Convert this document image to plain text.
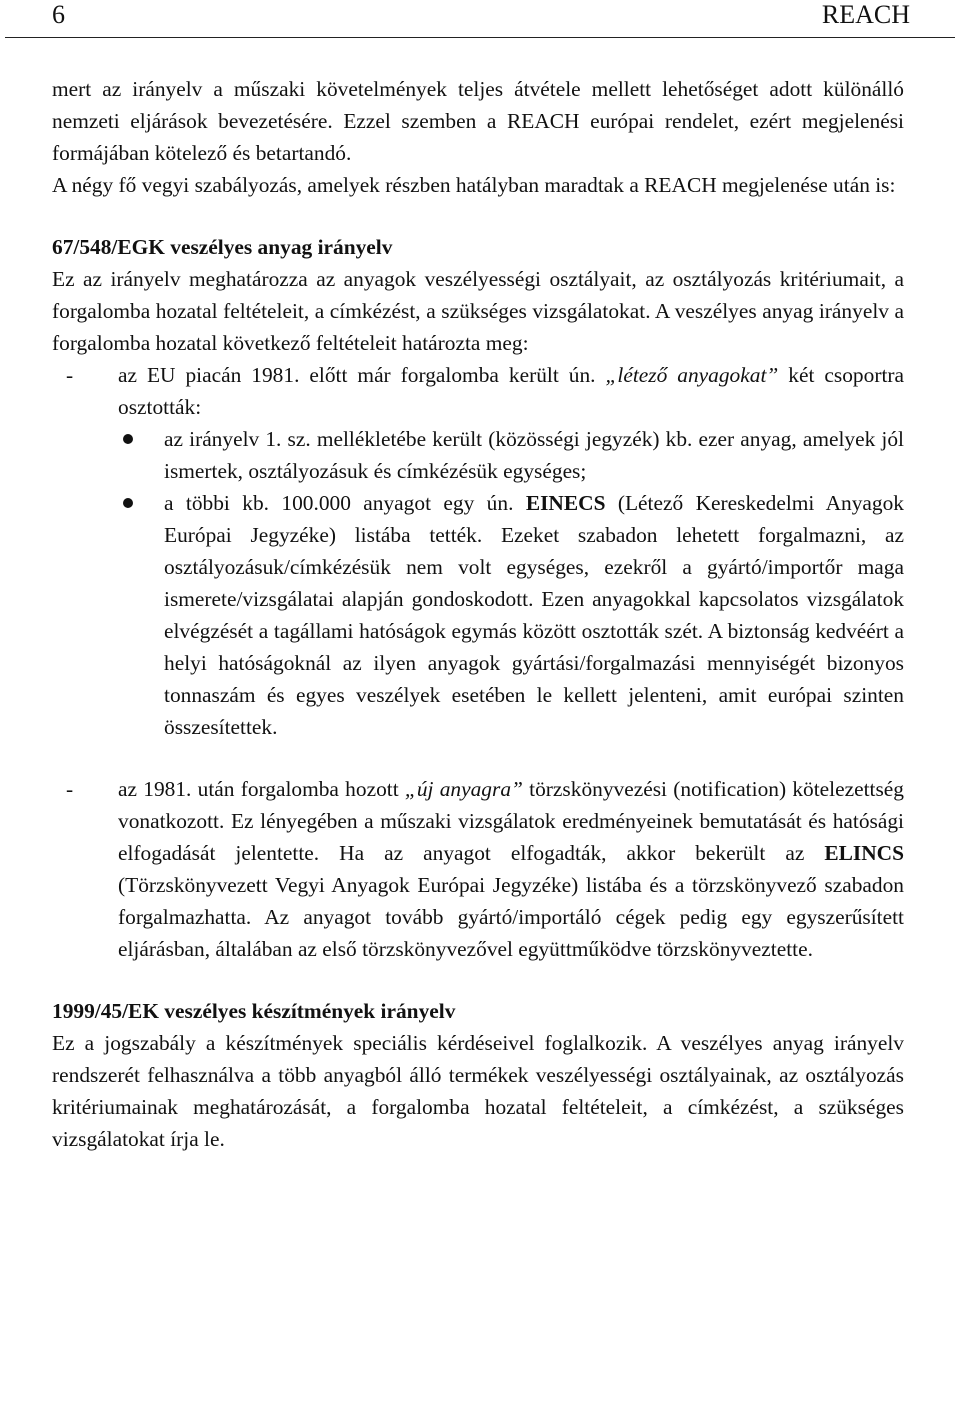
6	REACH

mert az irányelv a műszaki követelmények teljes átvétele mellett lehetőséget adott különálló nemzeti eljárások bevezetésére. Ezzel szemben a REACH európai rendelet, ezért megjelenési formájában kötelező és betartandó.

A négy fő vegyi szabályozás, amelyek részben hatályban maradtak a REACH megjelenése után is:

67/548/EGK veszélyes anyag irányelv

Ez az irányelv meghatározza az anyagok veszélyességi osztályait, az osztályozás kritériumait, a forgalomba hozatal feltételeit, a címkézést, a szükséges vizsgálatokat. A veszélyes anyag irányelv a forgalomba hozatal következő feltételeit határozta meg:

- az EU piacán 1981. előtt már forgalomba került ún. „létező anyagokat” két csoportra osztották:
az irányelv 1. sz. mellékletébe került (közösségi jegyzék) kb. ezer anyag, amelyek jól ismertek, osztályozásuk és címkézésük egységes;
a többi kb. 100.000 anyagot egy ún. EINECS (Létező Kereskedelmi Anyagok Európai Jegyzéke) listába tették. Ezeket szabadon lehetett forgalmazni, az osztályozásuk/címkézésük nem volt egységes, ezekről a gyártó/importőr maga ismerete/vizsgálatai alapján gondoskodott. Ezen anyagokkal kapcsolatos vizsgálatok elvégzését a tagállami hatóságok egymás között osztották szét. A biztonság kedvéért a helyi hatóságoknál az ilyen anyagok gyártási/forgalmazási mennyiségét bizonyos tonnaszám és egyes veszélyek esetében le kellett jelenteni, amit európai szinten összesítettek.
- az 1981. után forgalomba hozott „új anyagra” törzskönyvezési (notification) kötelezettség vonatkozott. Ez lényegében a műszaki vizsgálatok eredményeinek bemutatását és hatósági elfogadását jelentette. Ha az anyagot elfogadták, akkor bekerült az ELINCS (Törzskönyvezett Vegyi Anyagok Európai Jegyzéke) listába és a törzskönyvező szabadon forgalmazhatta. Az anyagot tovább gyártó/importáló cégek pedig egy egyszerűsített eljárásban, általában az első törzskönyvezővel együttműködve törzskönyveztette.

1999/45/EK veszélyes készítmények irányelv

Ez a jogszabály a készítmények speciális kérdéseivel foglalkozik. A veszélyes anyag irányelv rendszerét felhasználva a több anyagból álló termékek veszélyességi osztályainak, az osztályozás kritériumainak meghatározását, a forgalomba hozatal feltételeit, a címkézést, a szükséges vizsgálatokat írja le.
